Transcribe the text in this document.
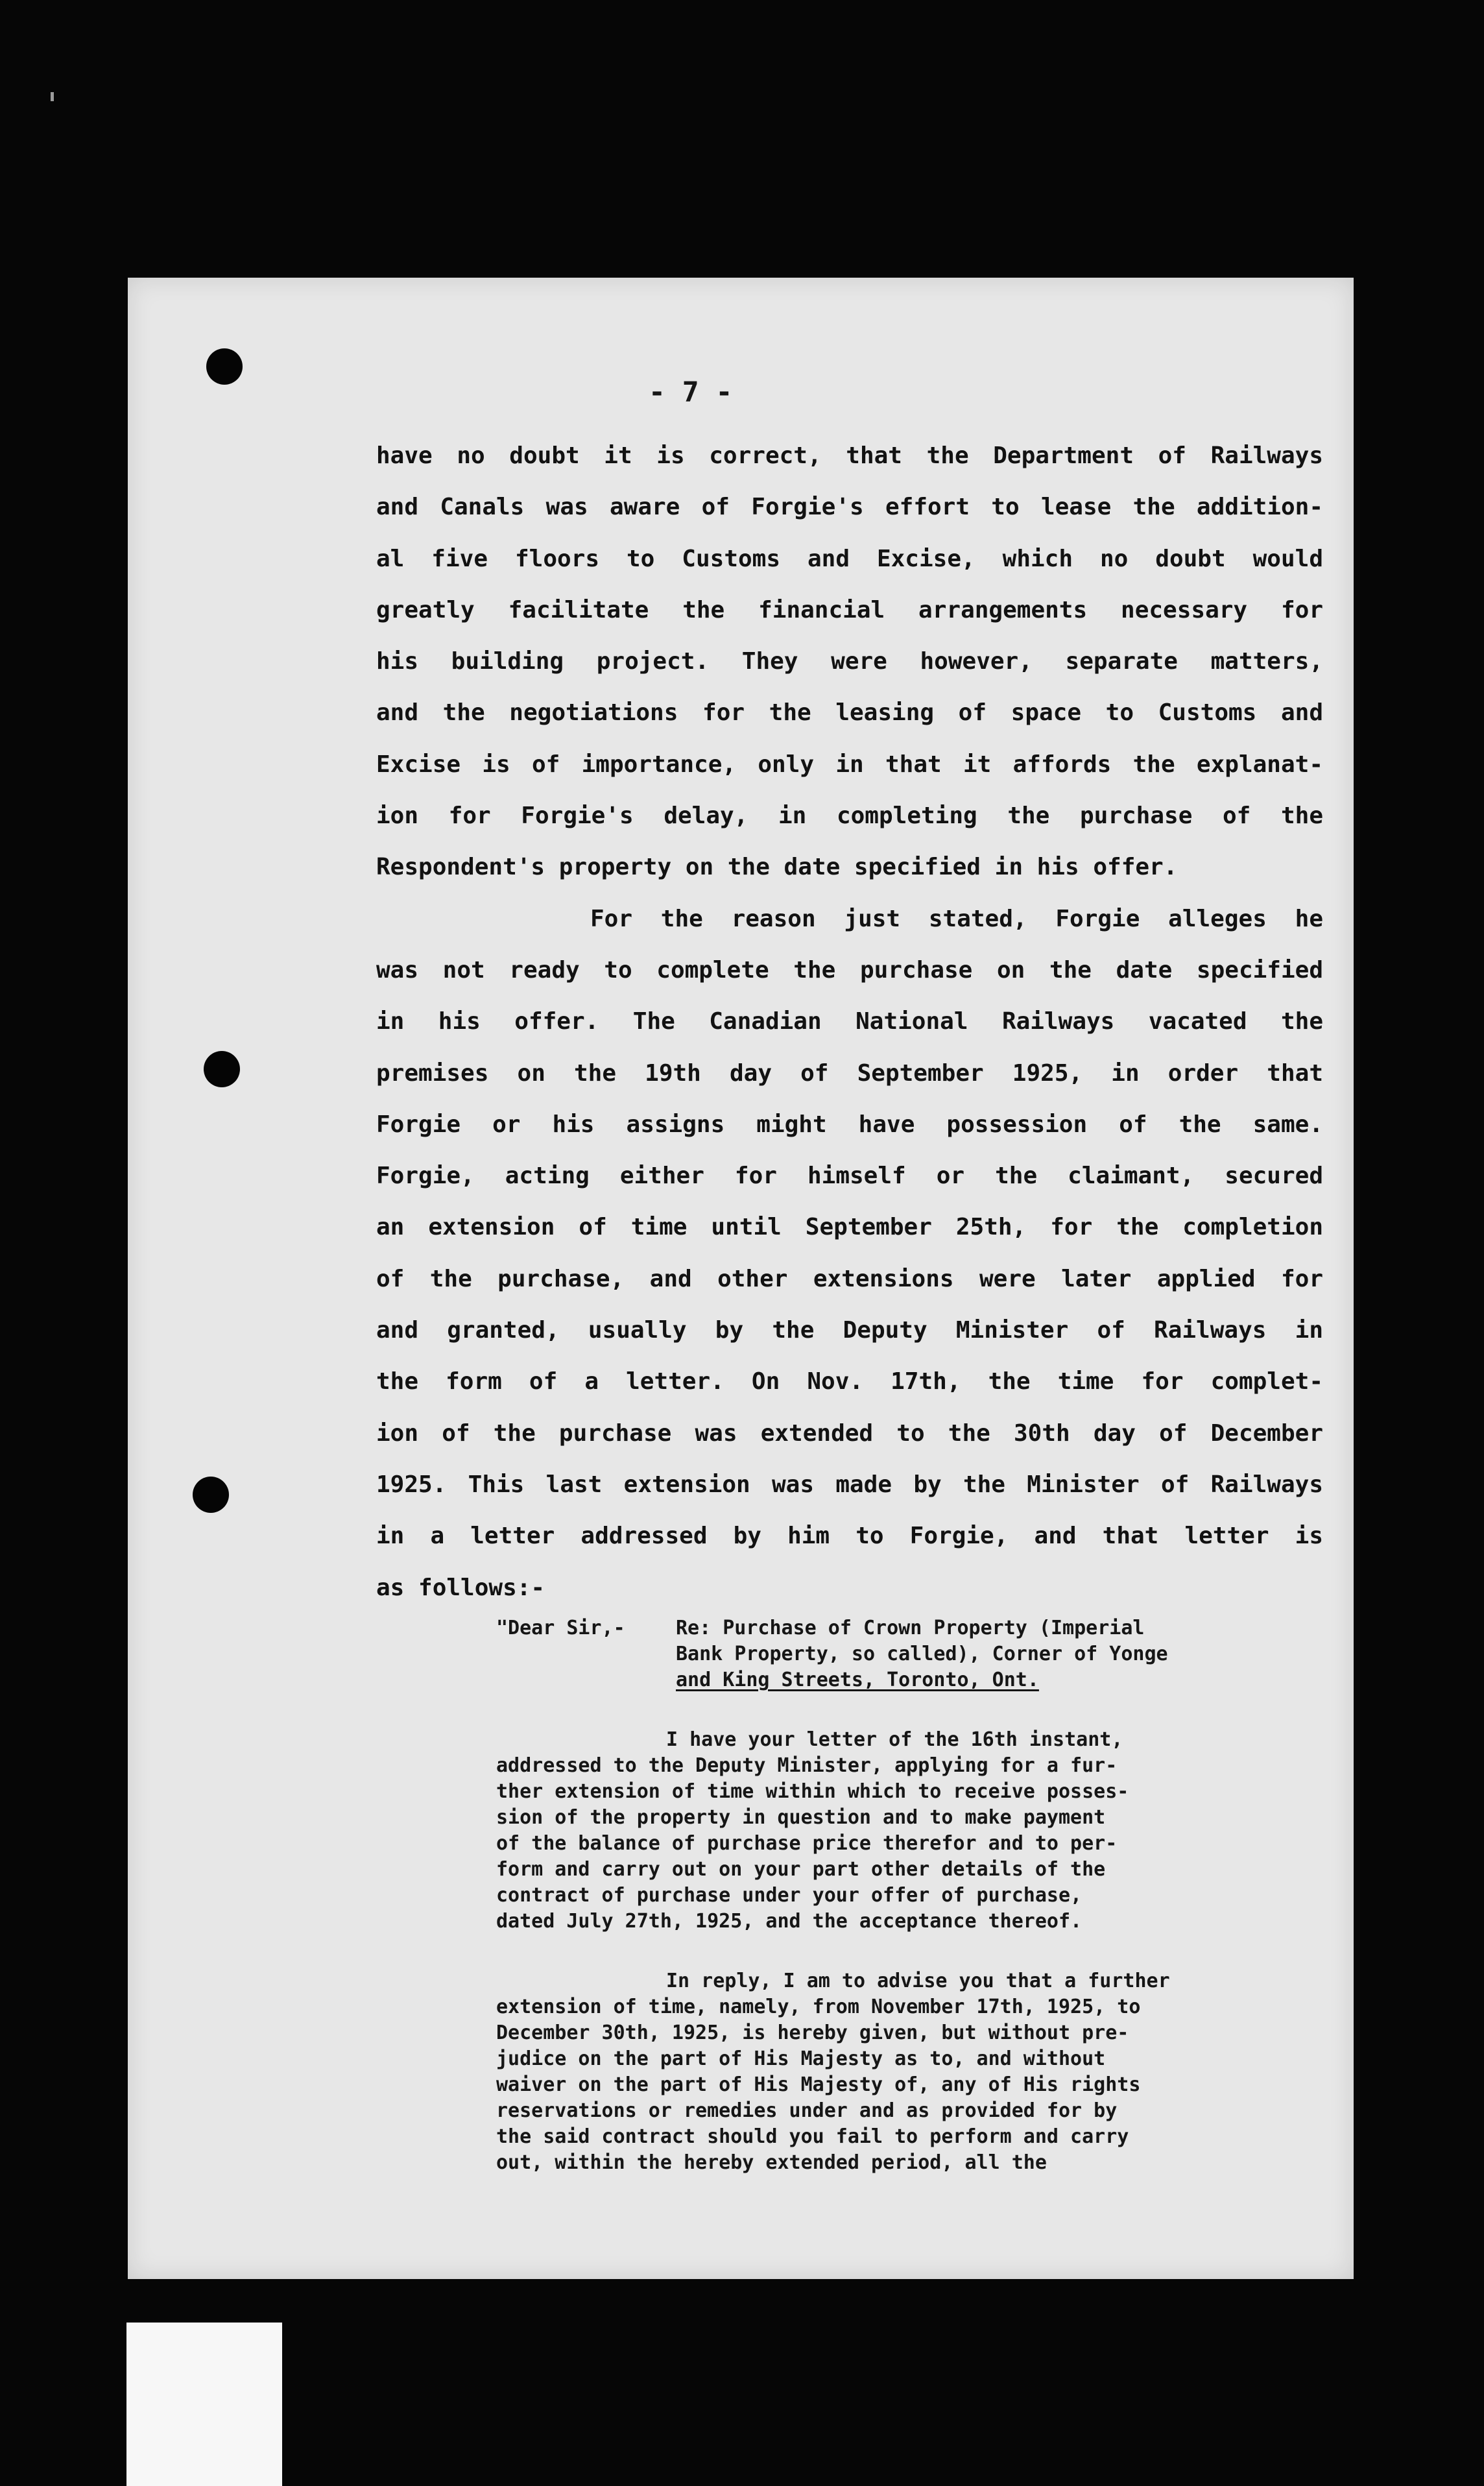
- 7 -
have no doubt it is correct, that the Department of Railways
and Canals was aware of Forgie's effort to lease the addition-
al five floors to Customs and Excise, which no doubt would
greatly facilitate the financial arrangements necessary for
his building project. They were however, separate matters,
and the negotiations for the leasing of space to Customs and
Excise is of importance, only in that it affords the explanat-
ion for Forgie's delay, in completing the purchase of the
Respondent's property on the date specified in his offer.
For the reason just stated, Forgie alleges he
was not ready to complete the purchase on the date specified
in his offer. The Canadian National Railways vacated the
premises on the 19th day of September 1925, in order that
Forgie or his assigns might have possession of the same.
Forgie, acting either for himself or the claimant, secured
an extension of time until September 25th, for the completion
of the purchase, and other extensions were later applied for
and granted, usually by the Deputy Minister of Railways in
the form of a letter. On Nov. 17th, the time for complet-
ion of the purchase was extended to the 30th day of December
1925. This last extension was made by the Minister of Railways
in a letter addressed by him to Forgie, and that letter is
as follows:-
"Dear Sir,-	Re: Purchase of Crown Property (Imperial
Bank Property, so called), Corner of Yonge
and King Streets, Toronto, Ont.
I have your letter of the 16th instant,
addressed to the Deputy Minister, applying for a fur-
ther extension of time within which to receive posses-
sion of the property in question and to make payment
of the balance of purchase price therefor and to per-
form and carry out on your part other details of the
contract of purchase under your offer of purchase,
dated July 27th, 1925, and the acceptance thereof.
In reply, I am to advise you that a further
extension of time, namely, from November 17th, 1925, to
December 30th, 1925, is hereby given, but without pre-
judice on the part of His Majesty as to, and without
waiver on the part of His Majesty of, any of His rights
reservations or remedies under and as provided for by
the said contract should you fail to perform and carry
out, within the hereby extended period, all the
